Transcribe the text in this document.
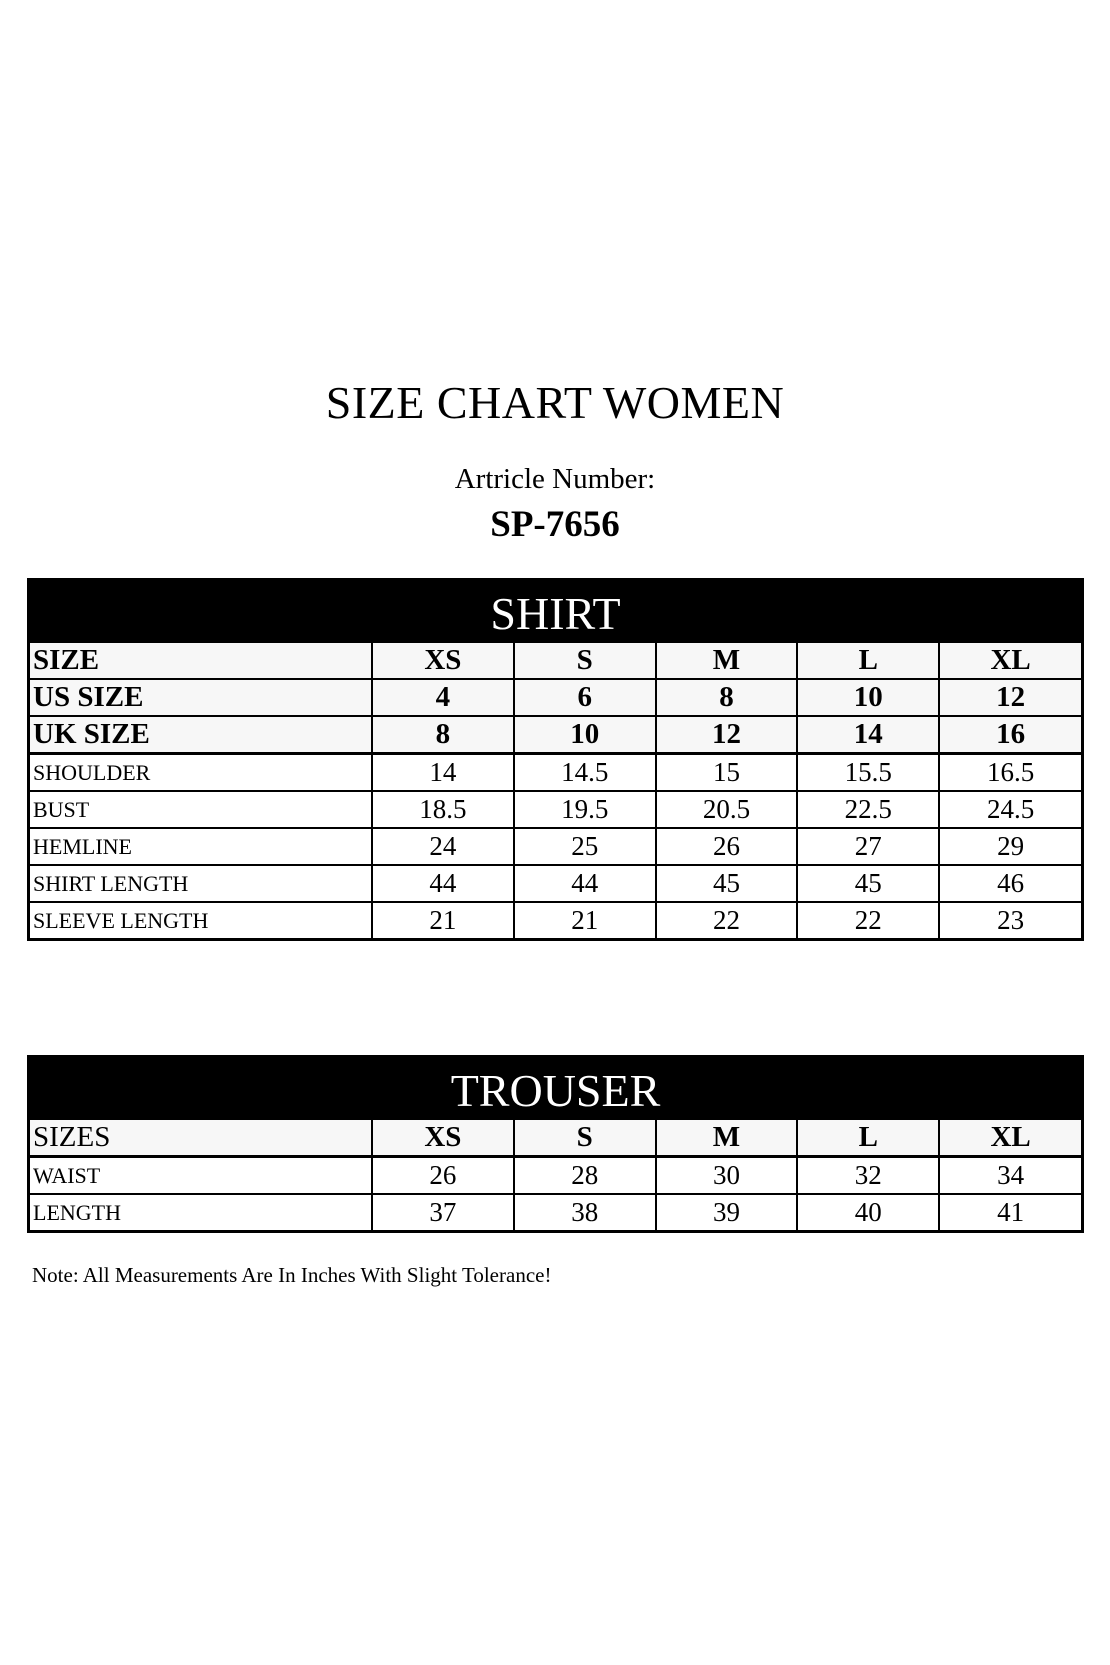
SIZE CHART WOMEN
Artricle Number:
SP-7656
SHIRT
SIZE	XS	S	M	L	XL
US SIZE	4	6	8	10	12
UK SIZE	8	10	12	14	16
SHOULDER	14	14.5	15	15.5	16.5
BUST	18.5	19.5	20.5	22.5	24.5
HEMLINE	24	25	26	27	29
SHIRT LENGTH	44	44	45	45	46
SLEEVE LENGTH	21	21	22	22	23
TROUSER
SIZES	XS	S	M	L	XL
WAIST	26	28	30	32	34
LENGTH	37	38	39	40	41
Note: All Measurements Are In Inches With Slight Tolerance!
